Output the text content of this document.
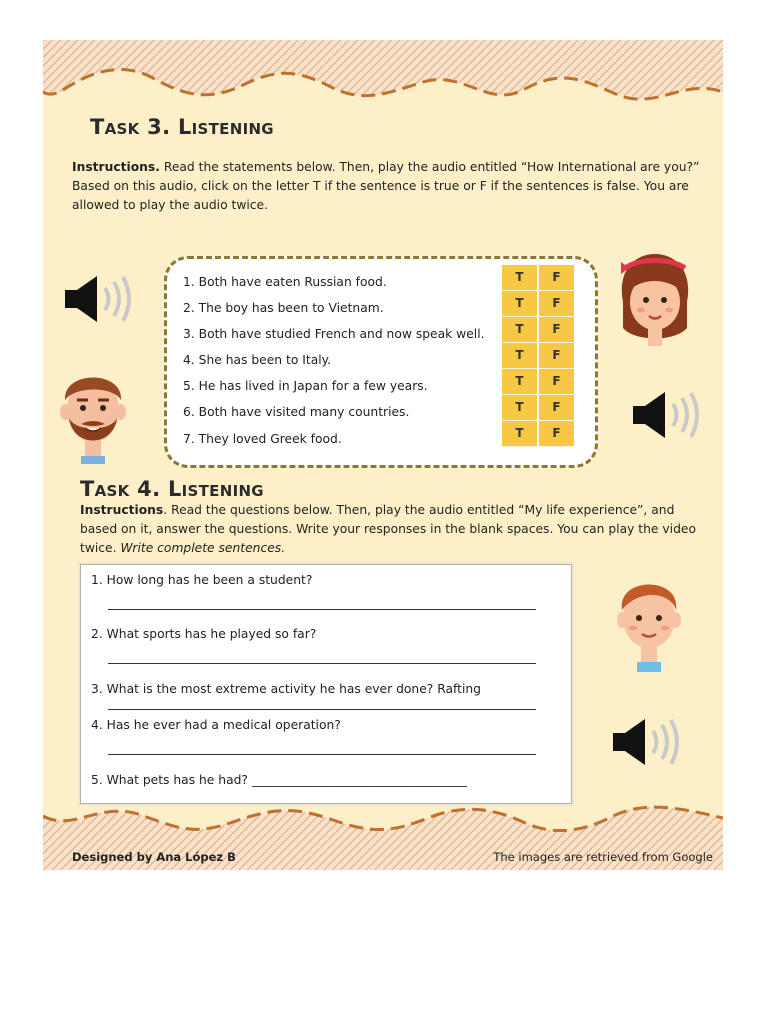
Task 3. Listening
Instructions. Read the statements below. Then, play the audio entitled “How International are you?” Based on this audio, click on the letter T if the sentence is true or F if the sentences is false. You are allowed to play the audio twice.
1. Both have eaten Russian food.
2. The boy has been to Vietnam.
3. Both have studied French and now speak well.
4. She has been to Italy.
5. He has lived in Japan for a few years.
6. Both have visited many countries.
7. They loved Greek food.
T
T
T
T
T
T
T
F
F
F
F
F
F
F
Task 4. Listening
Instructions. Read the questions below. Then, play the audio entitled “My life experience”, and based on it, answer the questions. Write your responses in the blank spaces. You can play the video twice. Write complete sentences.
1. How long has he been a student?
2. What sports has he played so far?
3. What is the most extreme activity he has ever done? Rafting
4. Has he ever had a medical operation?
5. What pets has he had? ___________________________________
Designed by Ana López B	The images are retrieved from Google
